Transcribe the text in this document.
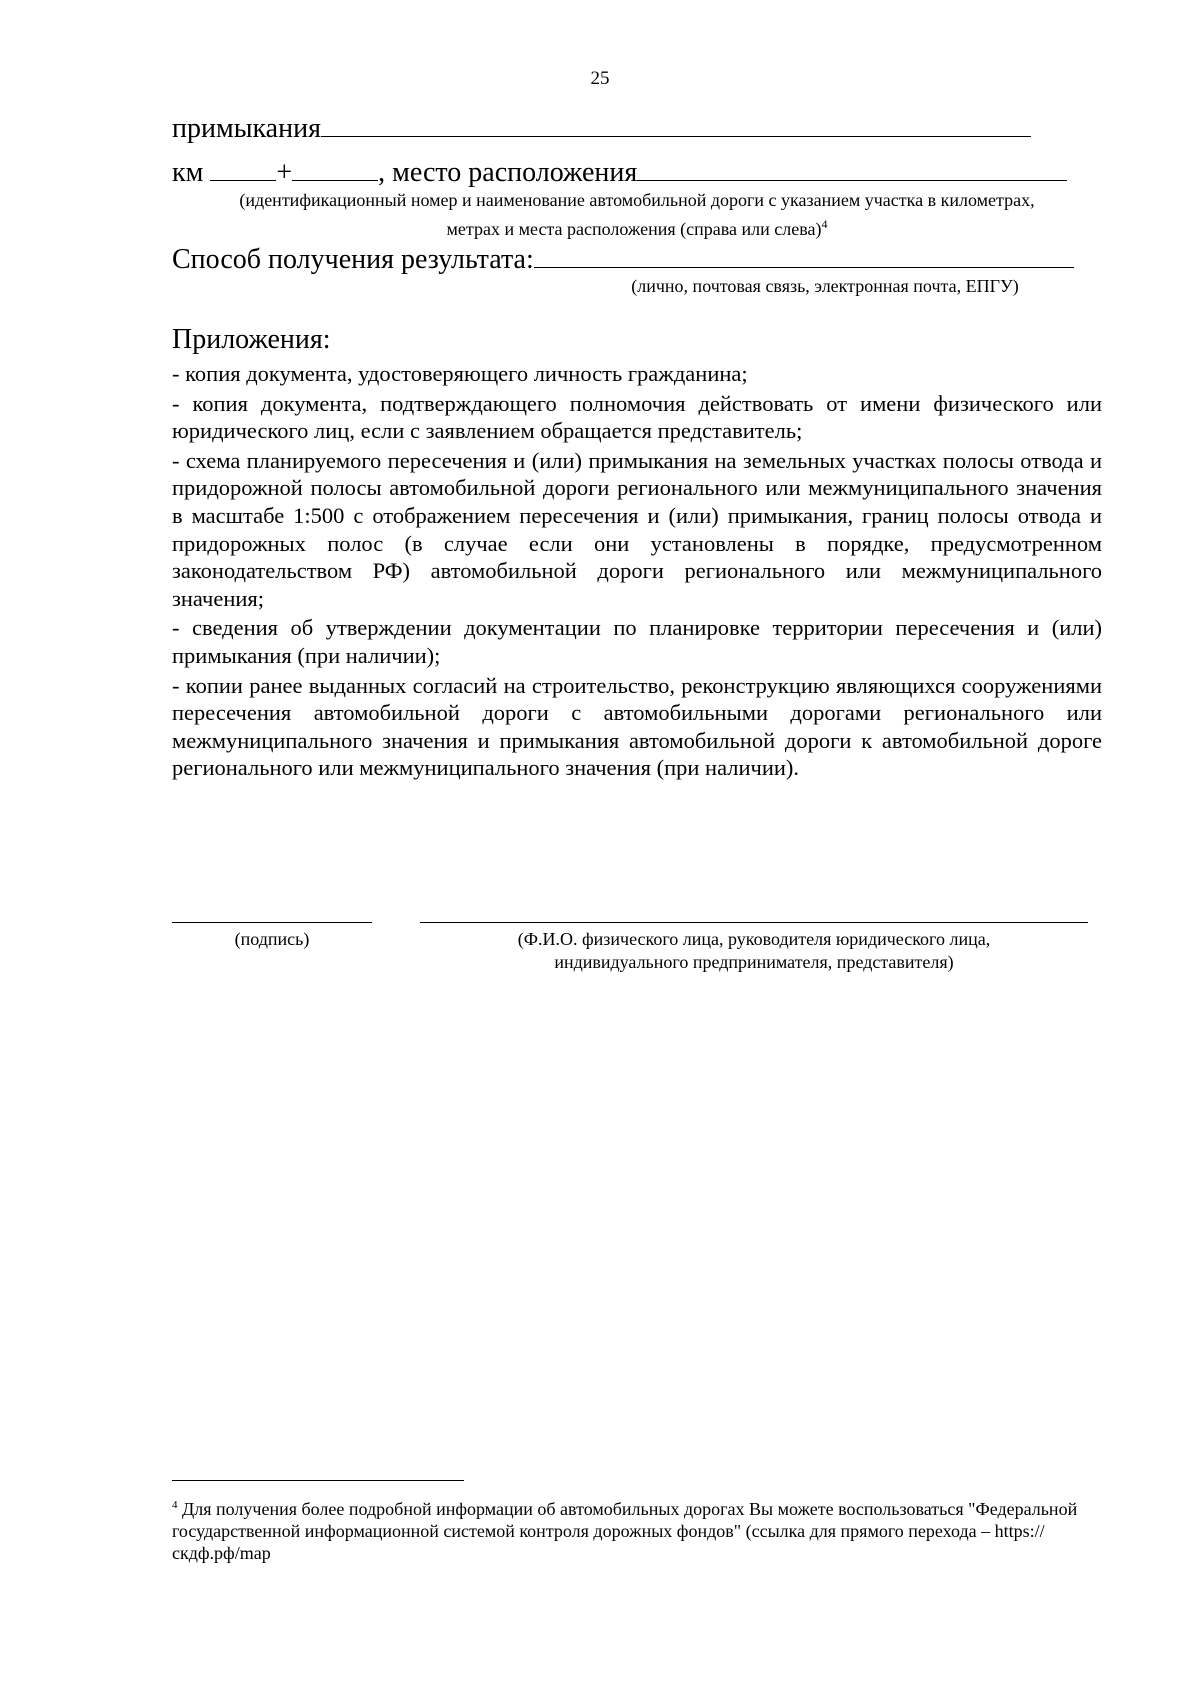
25
примыкания
км	+	, место расположения
(идентификационный номер и наименование автомобильной дороги с указанием участка в километрах,
метрах и места расположения (справа или слева)$^4$
Способ получения результата:
(лично, почтовая связь, электронная почта, ЕПГУ)
Приложения:

- копия документа, удостоверяющего личность гражданина;

- копия документа, подтверждающего полномочия действовать от имени физического или юридического лиц, если с заявлением обращается представитель;

- схема планируемого пересечения и (или) примыкания на земельных участках полосы отвода и придорожной полосы автомобильной дороги регионального или межмуниципального значения в масштабе 1:500 с отображением пересечения и (или) примыкания, границ полосы отвода и придорожных полос (в случае если они установлены в порядке, предусмотренном законодательством РФ) автомобильной дороги регионального или межмуниципального значения;

- сведения об утверждении документации по планировке территории пересечения и (или) примыкания (при наличии);

- копии ранее выданных согласий на строительство, реконструкцию являющихся сооружениями пересечения автомобильной дороги с автомобильными дорогами регионального или межмуниципального значения и примыкания автомобильной дороги к автомобильной дороге регионального или межмуниципального значения (при наличии).

(подпись)	(Ф.И.О. физического лица, руководителя юридического лица,
индивидуального предпринимателя, представителя)
$^4$ Для получения более подробной информации об автомобильных дорогах Вы можете воспользоваться "Федеральной государственной информационной системой контроля дорожных фондов" (ссылка для прямого перехода – https://скдф.рф/map
